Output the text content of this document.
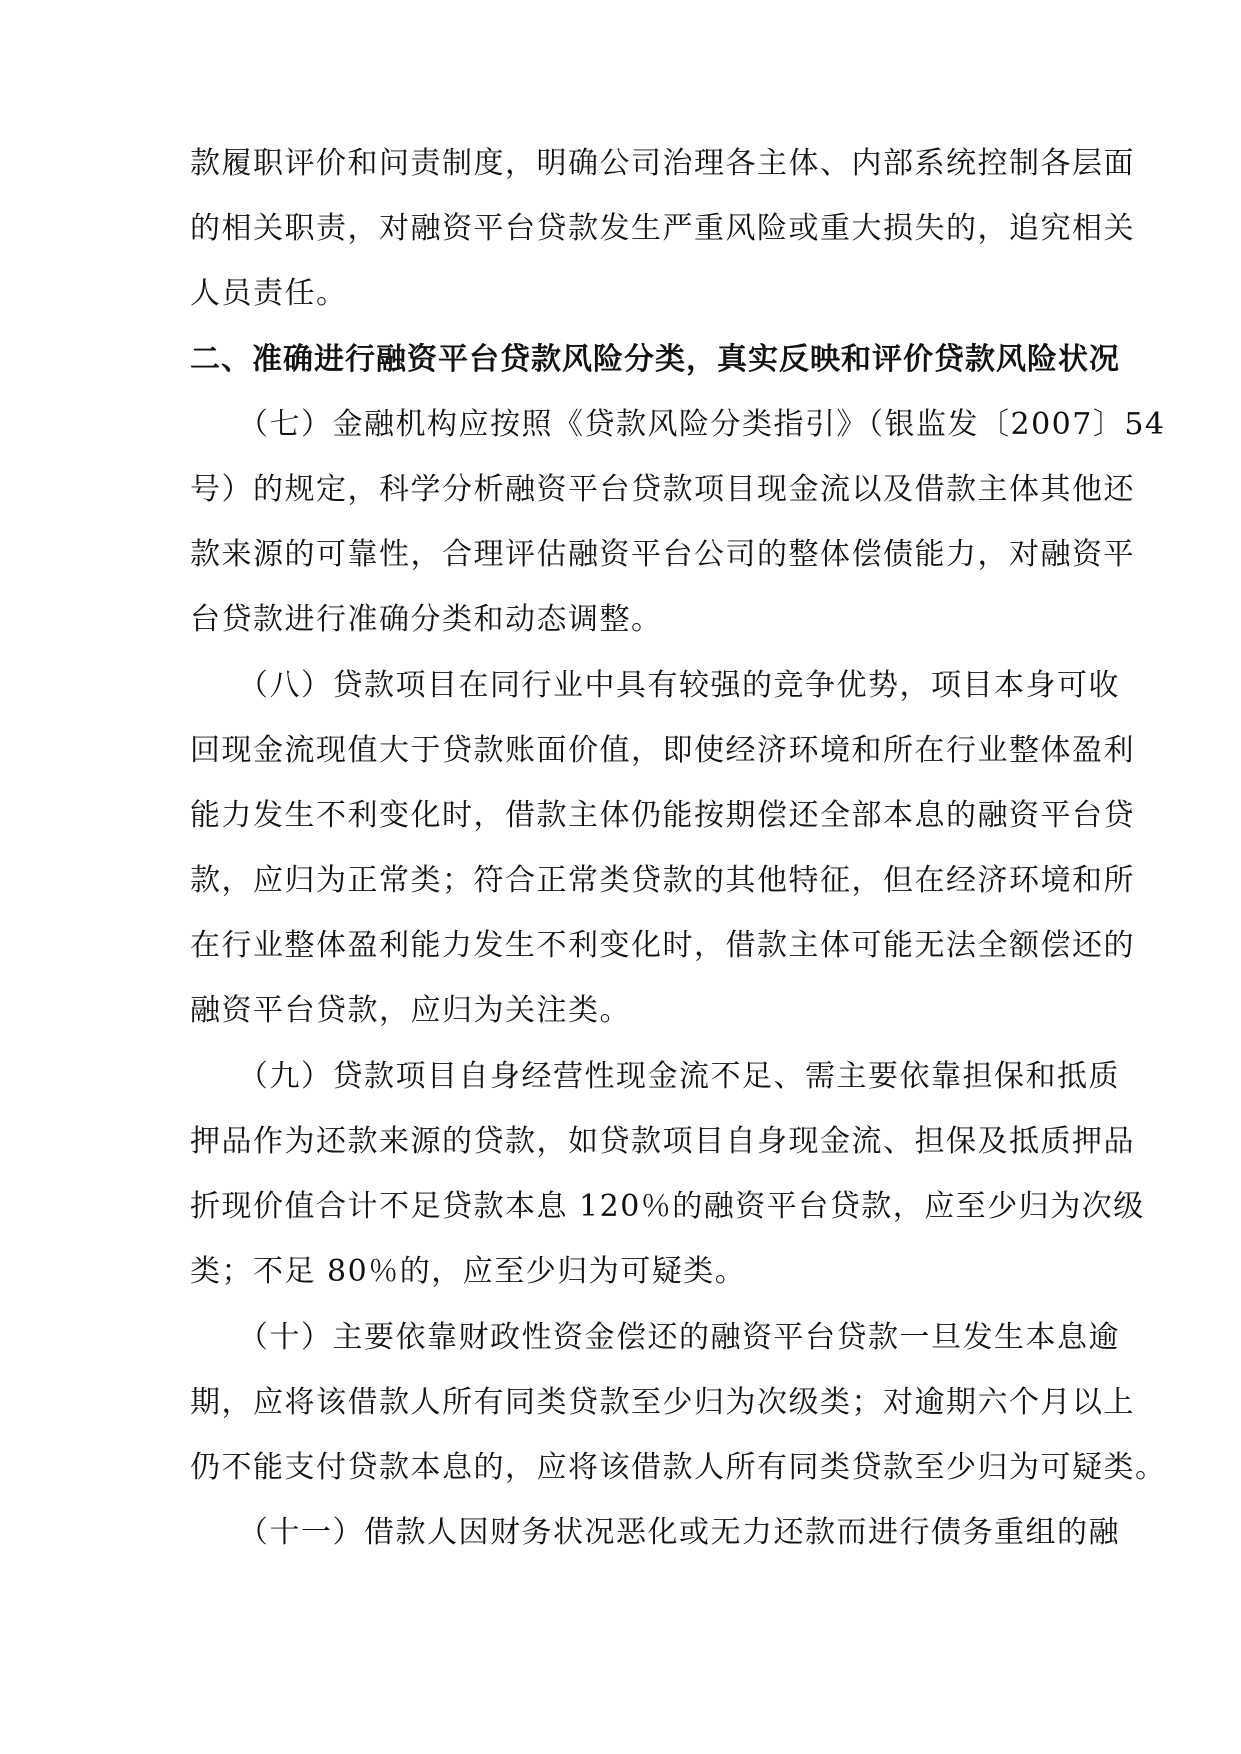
款履职评价和问责制度，明确公司治理各主体、内部系统控制各层面
的相关职责，对融资平台贷款发生严重风险或重大损失的，追究相关
人员责任。
二、准确进行融资平台贷款风险分类，真实反映和评价贷款风险状况
（七）金融机构应按照《贷款风险分类指引》（银监发〔2007〕54
号）的规定，科学分析融资平台贷款项目现金流以及借款主体其他还
款来源的可靠性，合理评估融资平台公司的整体偿债能力，对融资平
台贷款进行准确分类和动态调整。
（八）贷款项目在同行业中具有较强的竞争优势，项目本身可收
回现金流现值大于贷款账面价值，即使经济环境和所在行业整体盈利
能力发生不利变化时，借款主体仍能按期偿还全部本息的融资平台贷
款，应归为正常类；符合正常类贷款的其他特征，但在经济环境和所
在行业整体盈利能力发生不利变化时，借款主体可能无法全额偿还的
融资平台贷款，应归为关注类。
（九）贷款项目自身经营性现金流不足、需主要依靠担保和抵质
押品作为还款来源的贷款，如贷款项目自身现金流、担保及抵质押品
折现价值合计不足贷款本息 120％的融资平台贷款，应至少归为次级
类；不足 80％的，应至少归为可疑类。
（十）主要依靠财政性资金偿还的融资平台贷款一旦发生本息逾
期，应将该借款人所有同类贷款至少归为次级类；对逾期六个月以上
仍不能支付贷款本息的，应将该借款人所有同类贷款至少归为可疑类。
（十一）借款人因财务状况恶化或无力还款而进行债务重组的融
